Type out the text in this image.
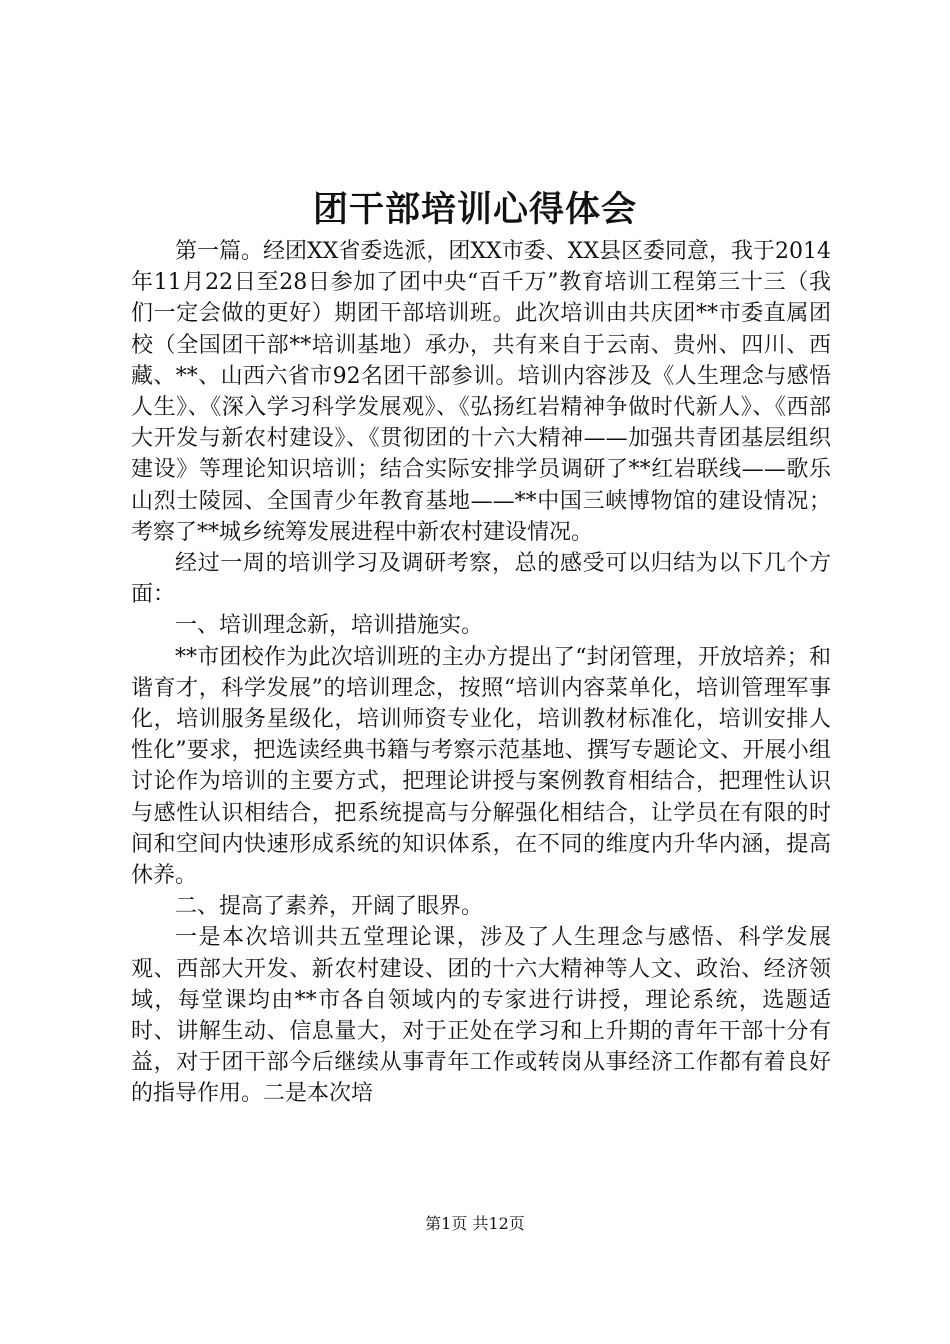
团干部培训心得体会

第一篇。经团XX省委选派，团XX市委、XX县区委同意，我于2014年11月22日至28日参加了团中央“百千万”教育培训工程第三十三（我们一定会做的更好）期团干部培训班。此次培训由共庆团**市委直属团校（全国团干部**培训基地）承办，共有来自于云南、贵州、四川、西藏、**、山西六省市92名团干部参训。培训内容涉及《人生理念与感悟人生》、《深入学习科学发展观》、《弘扬红岩精神争做时代新人》、《西部大开发与新农村建设》、《贯彻团的十六大精神——加强共青团基层组织建设》等理论知识培训；结合实际安排学员调研了**红岩联线——歌乐山烈士陵园、全国青少年教育基地——**中国三峡博物馆的建设情况；考察了**城乡统筹发展进程中新农村建设情况。

经过一周的培训学习及调研考察，总的感受可以归结为以下几个方面：

一、培训理念新，培训措施实。

**市团校作为此次培训班的主办方提出了“封闭管理，开放培养；和谐育才，科学发展”的培训理念，按照“培训内容菜单化，培训管理军事化，培训服务星级化，培训师资专业化，培训教材标准化，培训安排人性化”要求，把选读经典书籍与考察示范基地、撰写专题论文、开展小组讨论作为培训的主要方式，把理论讲授与案例教育相结合，把理性认识与感性认识相结合，把系统提高与分解强化相结合，让学员在有限的时间和空间内快速形成系统的知识体系，在不同的维度内升华内涵，提高休养。

二、提高了素养，开阔了眼界。

一是本次培训共五堂理论课，涉及了人生理念与感悟、科学发展观、西部大开发、新农村建设、团的十六大精神等人文、政治、经济领域，每堂课均由**市各自领域内的专家进行讲授，理论系统，选题适时、讲解生动、信息量大，对于正处在学习和上升期的青年干部十分有益，对于团干部今后继续从事青年工作或转岗从事经济工作都有着良好的指导作用。二是本次培

第1页 共12页
